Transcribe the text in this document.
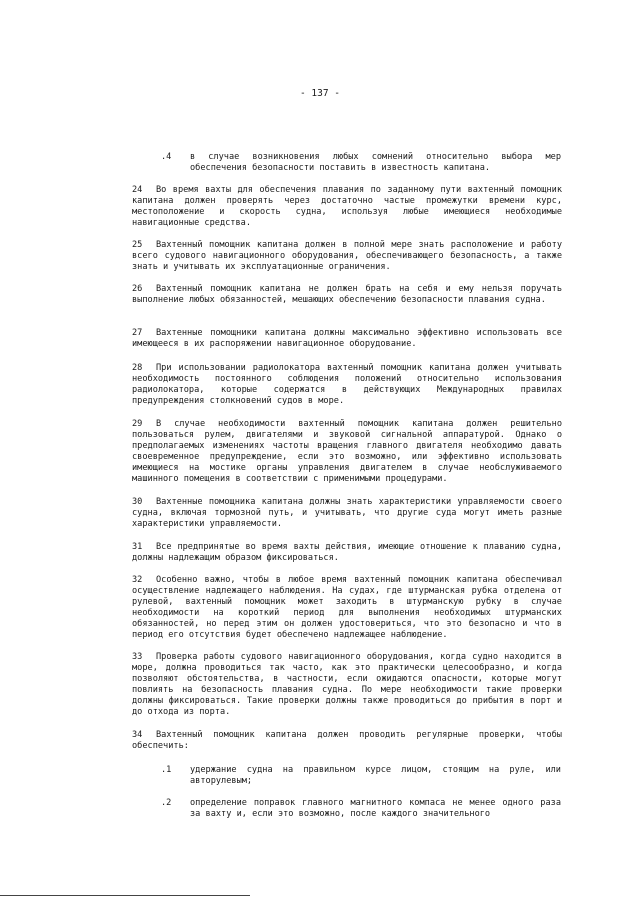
- 137 -
.4 в случае возникновения любых сомнений относительно выбора мер обеспечения безопасности поставить в известность капитана.

24 Во время вахты для обеспечения плавания по заданному пути вахтенный помощник капитана должен проверять через достаточно частые промежутки времени курс, местоположение и скорость судна, используя любые имеющиеся необходимые навигационные средства.

25 Вахтенный помощник капитана должен в полной мере знать расположение и работу всего судового навигационного оборудования, обеспечивающего безопасность, а также знать и учитывать их эксплуатационные ограничения.

26 Вахтенный помощник капитана не должен брать на себя и ему нельзя поручать выполнение любых обязанностей, мешающих обеспечению безопасности плавания судна.

27 Вахтенные помощники капитана должны максимально эффективно использовать все имеющееся в их распоряжении навигационное оборудование.

28 При использовании радиолокатора вахтенный помощник капитана должен учитывать необходимость постоянного соблюдения положений относительно использования радиолокатора, которые содержатся в действующих Международных правилах предупреждения столкновений судов в море.

29 В случае необходимости вахтенный помощник капитана должен решительно пользоваться рулем, двигателями и звуковой сигнальной аппаратурой. Однако о предполагаемых изменениях частоты вращения главного двигателя необходимо давать своевременное предупреждение, если это возможно, или эффективно использовать имеющиеся на мостике органы управления двигателем в случае необслуживаемого машинного помещения в соответствии с применимыми процедурами.

30 Вахтенные помощника капитана должны знать характеристики управляемости своего судна, включая тормозной путь, и учитывать, что другие суда могут иметь разные характеристики управляемости.

31 Все предпринятые во время вахты действия, имеющие отношение к плаванию судна, должны надлежащим образом фиксироваться.

32 Особенно важно, чтобы в любое время вахтенный помощник капитана обеспечивал осуществление надлежащего наблюдения. На судах, где штурманская рубка отделена от рулевой, вахтенный помощник может заходить в штурманскую рубку в случае необходимости на короткий период для выполнения необходимых штурманских обязанностей, но перед этим он должен удостовериться, что это безопасно и что в период его отсутствия будет обеспечено надлежащее наблюдение.

33 Проверка работы судового навигационного оборудования, когда судно находится в море, должна проводиться так часто, как это практически целесообразно, и когда позволяют обстоятельства, в частности, если ожидаются опасности, которые могут повлиять на безопасность плавания судна. По мере необходимости такие проверки должны фиксироваться. Такие проверки должны также проводиться до прибытия в порт и до отхода из порта.

34 Вахтенный помощник капитана должен проводить регулярные проверки, чтобы обеспечить:

.1 удержание судна на правильном курсе лицом, стоящим на руле, или авторулевым;
.2 определение поправок главного магнитного компаса не менее одного раза за вахту и, если это возможно, после каждого значительного
